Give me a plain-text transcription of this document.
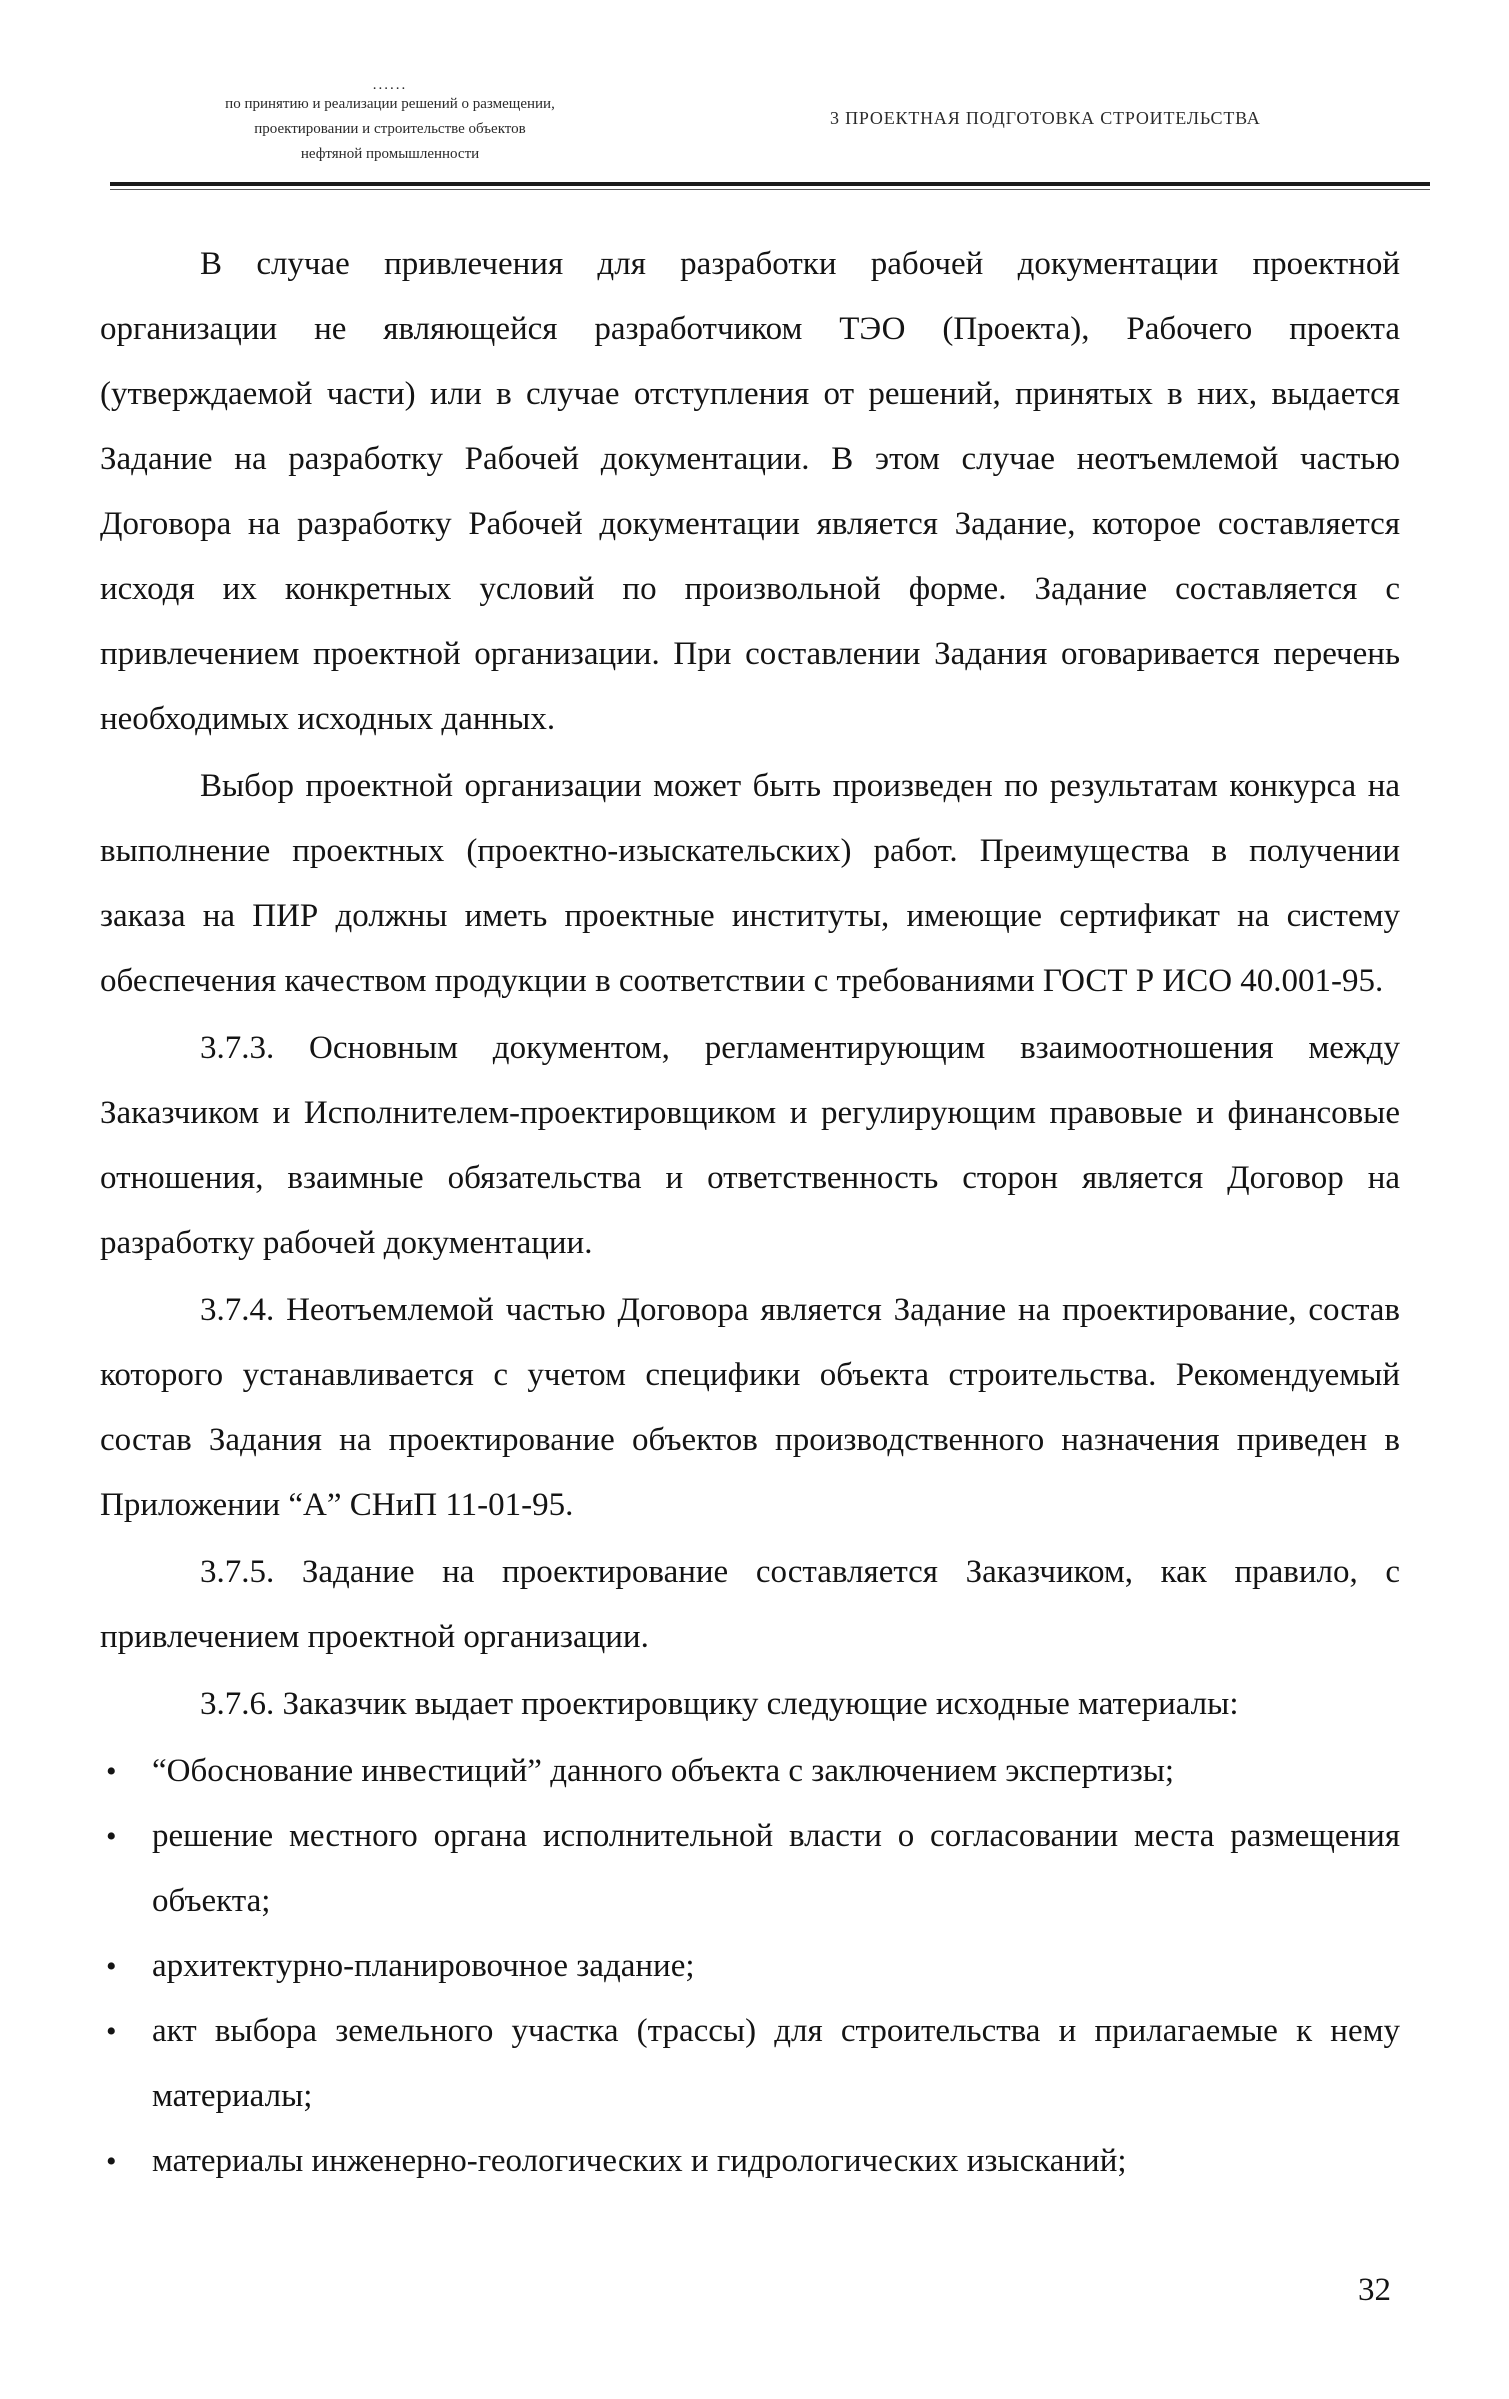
......
по принятию и реализации решений о размещении,
проектировании и строительстве объектов
нефтяной промышленности
3 ПРОЕКТНАЯ ПОДГОТОВКА СТРОИТЕЛЬСТВА

В случае привлечения для разработки рабочей документации проектной организации не являющейся разработчиком ТЭО (Проекта), Рабочего проекта (утверждаемой части) или в случае отступления от решений, принятых в них, выдается Задание на разработку Рабочей документации. В этом случае неотъемлемой частью Договора на разработку Рабочей документации является Задание, которое составляется исходя их конкретных условий по произвольной форме. Задание составляется с привлечением проектной организации. При составлении Задания оговаривается перечень необходимых исходных данных.

Выбор проектной организации может быть произведен по результатам конкурса на выполнение проектных (проектно-изыскательских) работ. Преимущества в получении заказа на ПИР должны иметь проектные институты, имеющие сертификат на систему обеспечения качеством продукции в соответствии с требованиями ГОСТ Р ИСО 40.001-95.

3.7.3. Основным документом, регламентирующим взаимоотношения между Заказчиком и Исполнителем-проектировщиком и регулирующим правовые и финансовые отношения, взаимные обязательства и ответственность сторон является Договор на разработку рабочей документации.

3.7.4. Неотъемлемой частью Договора является Задание на проектирование, состав которого устанавливается с учетом специфики объекта строительства. Рекомендуемый состав Задания на проектирование объектов производственного назначения приведен в Приложении “А” СНиП 11-01-95.

3.7.5. Задание на проектирование составляется Заказчиком, как правило, с привлечением проектной организации.

3.7.6. Заказчик выдает проектировщику следующие исходные материалы:

• “Обоснование инвестиций” данного объекта с заключением экспертизы;
• решение местного органа исполнительной власти о согласовании места размещения объекта;
• архитектурно-планировочное задание;
• акт выбора земельного участка (трассы) для строительства и прилагаемые к нему материалы;
• материалы инженерно-геологических и гидрологических изысканий;
32
